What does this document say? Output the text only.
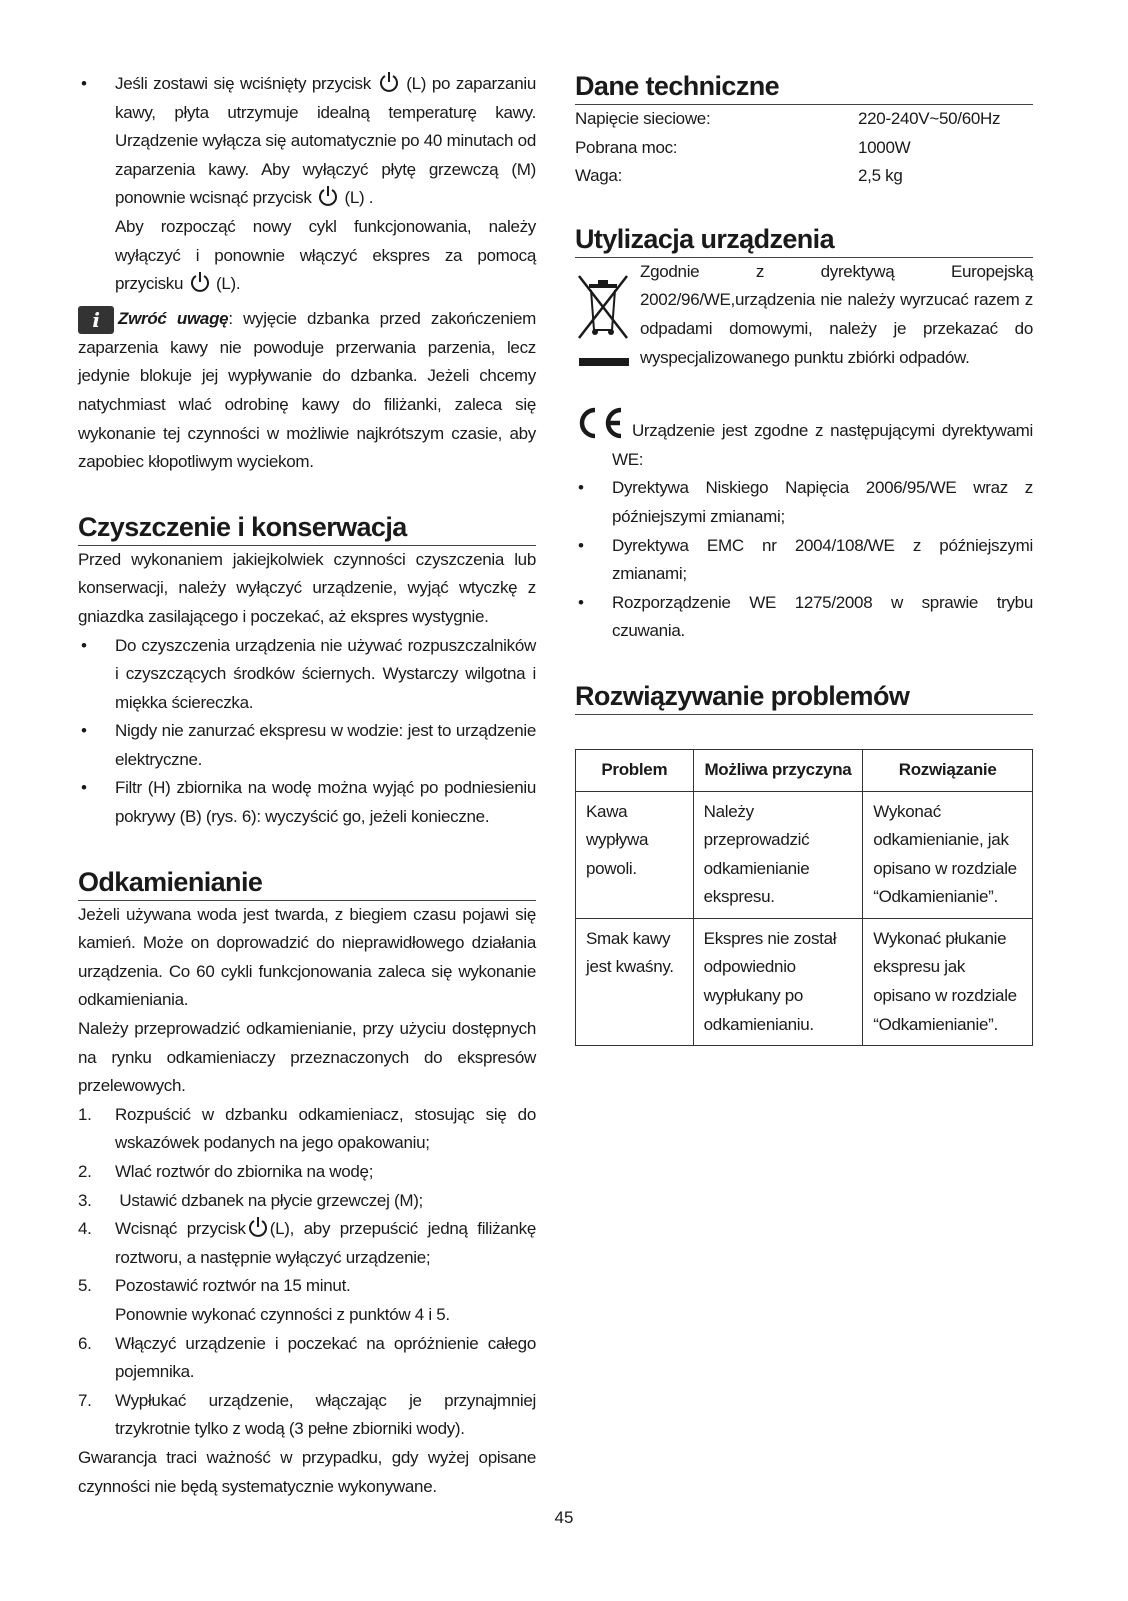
• Jeśli zostawi się wciśnięty przycisk (L) po zaparzaniu kawy, płyta utrzymuje idealną temperaturę kawy. Urządzenie wyłącza się automatycznie po 40 minutach od zaparzenia kawy. Aby wyłączyć płytę grzewczą (M) ponownie wcisnąć przycisk (L) .
Aby rozpocząć nowy cykl funkcjonowania, należy wyłączyć i ponownie włączyć ekspres za pomocą przycisku (L).

i Zwróć uwagę: wyjęcie dzbanka przed zakończeniem zaparzenia kawy nie powoduje przerwania parzenia, lecz jedynie blokuje jej wypływanie do dzbanka. Jeżeli chcemy natychmiast wlać odrobinę kawy do filiżanki, zaleca się wykonanie tej czynności w możliwie najkrótszym czasie, aby zapobiec kłopotliwym wyciekom.

Czyszczenie i konserwacja

Przed wykonaniem jakiejkolwiek czynności czyszczenia lub konserwacji, należy wyłączyć urządzenie, wyjąć wtyczkę z gniazdka zasilającego i poczekać, aż ekspres wystygnie.

• Do czyszczenia urządzenia nie używać rozpuszczalników i czyszczących środków ściernych. Wystarczy wilgotna i miękka ściereczka.
• Nigdy nie zanurzać ekspresu w wodzie: jest to urządzenie elektryczne.
• Filtr (H) zbiornika na wodę można wyjąć po podniesieniu pokrywy (B) (rys. 6): wyczyścić go, jeżeli konieczne.
Odkamienianie

Jeżeli używana woda jest twarda, z biegiem czasu pojawi się kamień. Może on doprowadzić do nieprawidłowego działania urządzenia. Co 60 cykli funkcjonowania zaleca się wykonanie odkamieniania.

Należy przeprowadzić odkamienianie, przy użyciu dostępnych na rynku odkamieniaczy przeznaczonych do ekspresów przelewowych.

1. Rozpuścić w dzbanku odkamieniacz, stosując się do wskazówek podanych na jego opakowaniu;
2. Wlać roztwór do zbiornika na wodę;
3. Ustawić dzbanek na płycie grzewczej (M);
4. Wcisnąć przycisk (L), aby przepuścić jedną filiżankę roztworu, a następnie wyłączyć urządzenie;
5. Pozostawić roztwór na 15 minut.
Ponownie wykonać czynności z punktów 4 i 5.
6. Włączyć urządzenie i poczekać na opróżnienie całego pojemnika.
7. Wypłukać urządzenie, włączając je przynajmniej trzykrotnie tylko z wodą (3 pełne zbiorniki wody).

Gwarancja traci ważność w przypadku, gdy wyżej opisane czynności nie będą systematycznie wykonywane.

Dane techniczne
Napięcie sieciowe:	220-240V~50/60Hz
Pobrana moc:	1000W
Waga:	2,5 kg
Utylizacja urządzenia
Zgodnie z dyrektywą Europejską 2002/96/WE,urządzenia nie należy wyrzucać razem z odpadami domowymi, należy je przekazać do wyspecjalizowanego punktu zbiórki odpadów.
Urządzenie jest zgodne z następującymi dyrektywami WE:
• Dyrektywa Niskiego Napięcia 2006/95/WE wraz z późniejszymi zmianami;
• Dyrektywa EMC nr 2004/108/WE z późniejszymi zmianami;
• Rozporządzenie WE 1275/2008 w sprawie trybu czuwania.
Rozwiązywanie problemów
Problem	Możliwa przyczyna	Rozwiązanie
Kawa wypływa powoli.	Należy przeprowadzić odkamienianie ekspresu.	Wykonać odkamienianie, jak opisano w rozdziale “Odkamienianie”.
Smak kawy jest kwaśny.	Ekspres nie został odpowiednio wypłukany po odkamienianiu.	Wykonać płukanie ekspresu jak opisano w rozdziale “Odkamienianie”.
45
